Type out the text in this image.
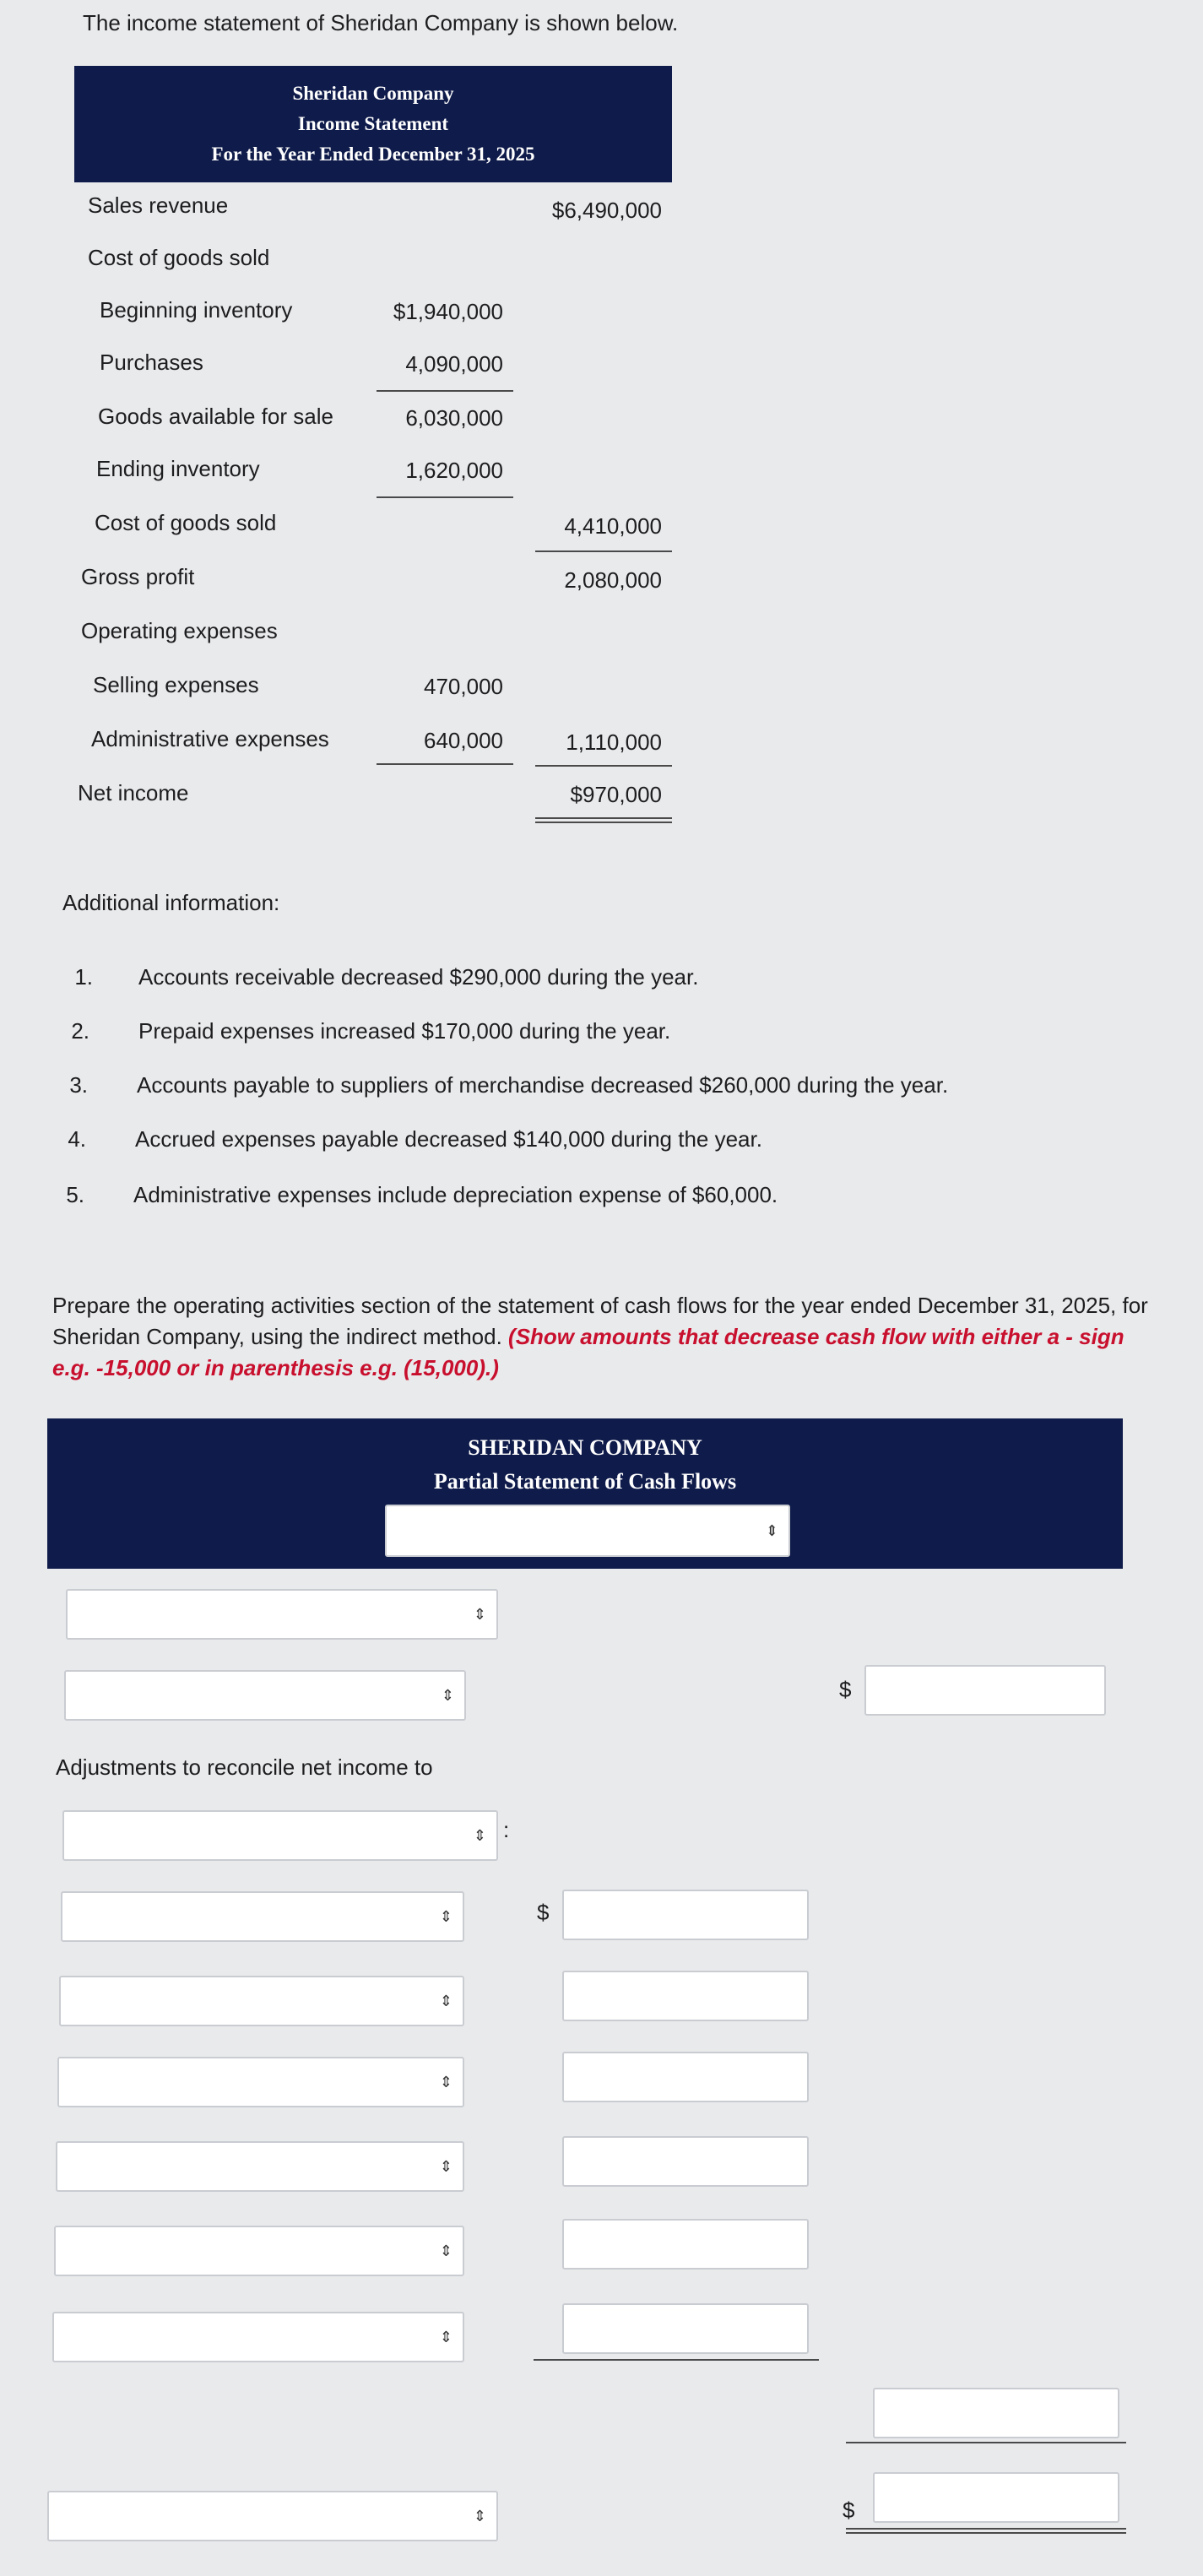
The income statement of Sheridan Company is shown below.
Sheridan Company
Income Statement
For the Year Ended December 31, 2025
Sales revenue	$6,490,000
Cost of goods sold
Beginning inventory	$1,940,000
Purchases	4,090,000
Goods available for sale	6,030,000
Ending inventory	1,620,000
Cost of goods sold	4,410,000
Gross profit	2,080,000
Operating expenses
Selling expenses	470,000
Administrative expenses	640,000	1,110,000
Net income	$970,000
Additional information:
1. Accounts receivable decreased $290,000 during the year.
2. Prepaid expenses increased $170,000 during the year.
3. Accounts payable to suppliers of merchandise decreased $260,000 during the year.
4. Accrued expenses payable decreased $140,000 during the year.
5. Administrative expenses include depreciation expense of $60,000.
Prepare the operating activities section of the statement of cash flows for the year ended December 31, 2025, for Sheridan Company, using the indirect method. (Show amounts that decrease cash flow with either a - sign e.g. -15,000 or in parenthesis e.g. (15,000).)
SHERIDAN COMPANY
Partial Statement of Cash Flows
⇕
⇕
⇕	$
Adjustments to reconcile net income to
⇕ :
⇕	$
⇕
⇕
⇕
⇕
⇕
⇕	$
